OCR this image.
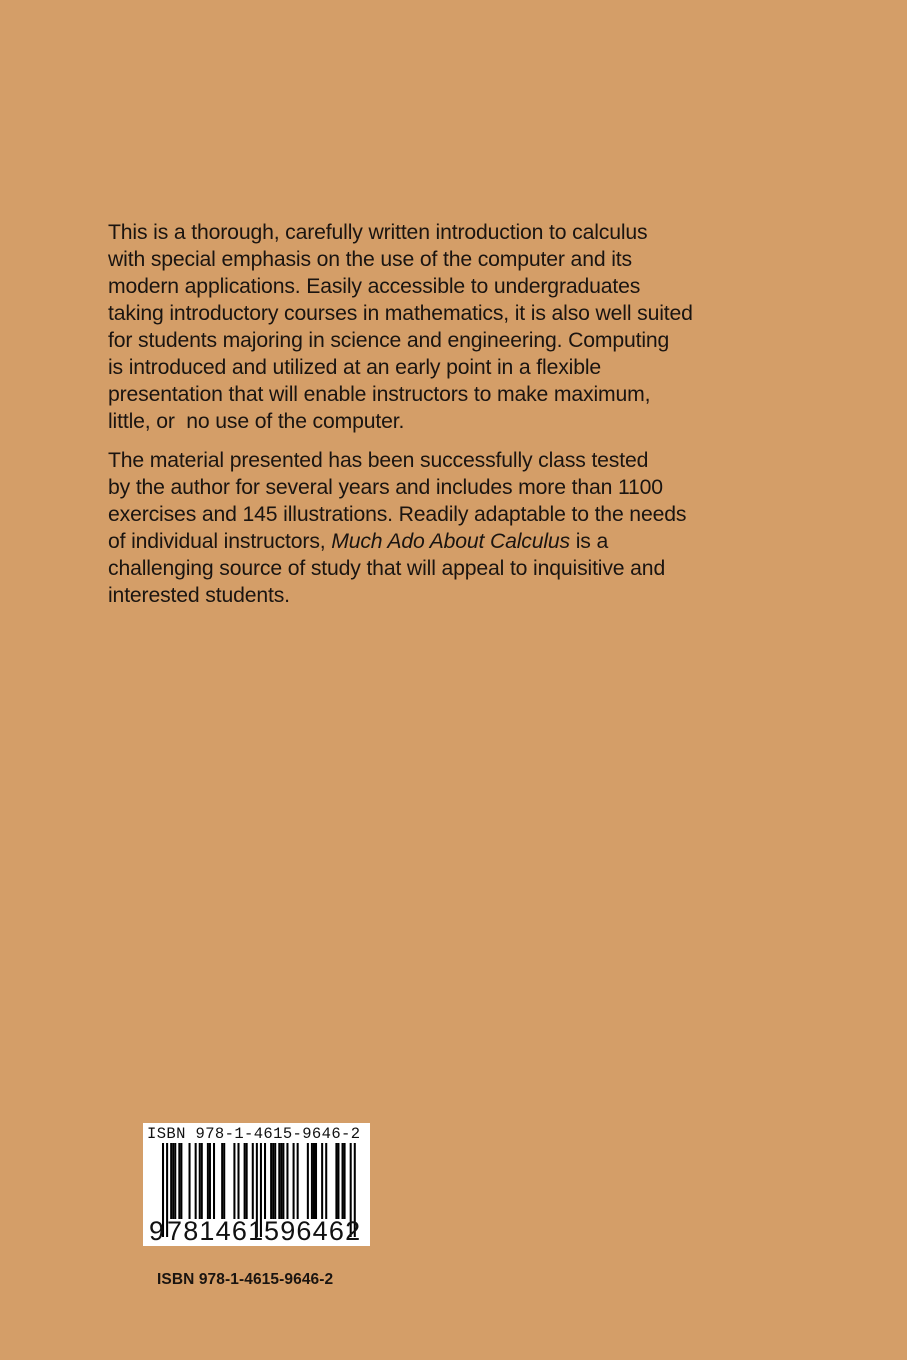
This is a thorough, carefully written introduction to calculus
with special emphasis on the use of the computer and its
modern applications. Easily accessible to undergraduates
taking introductory courses in mathematics, it is also well suited
for students majoring in science and engineering. Computing
is introduced and utilized at an early point in a flexible
presentation that will enable instructors to make maximum,
little, or  no use of the computer.

The material presented has been successfully class tested
by the author for several years and includes more than 1100
exercises and 145 illustrations. Readily adaptable to the needs
of individual instructors, Much Ado About Calculus is a
challenging source of study that will appeal to inquisitive and
interested students.

ISBN 978-1-4615-9646-2
9 781461 596462
ISBN 978-1-4615-9646-2
